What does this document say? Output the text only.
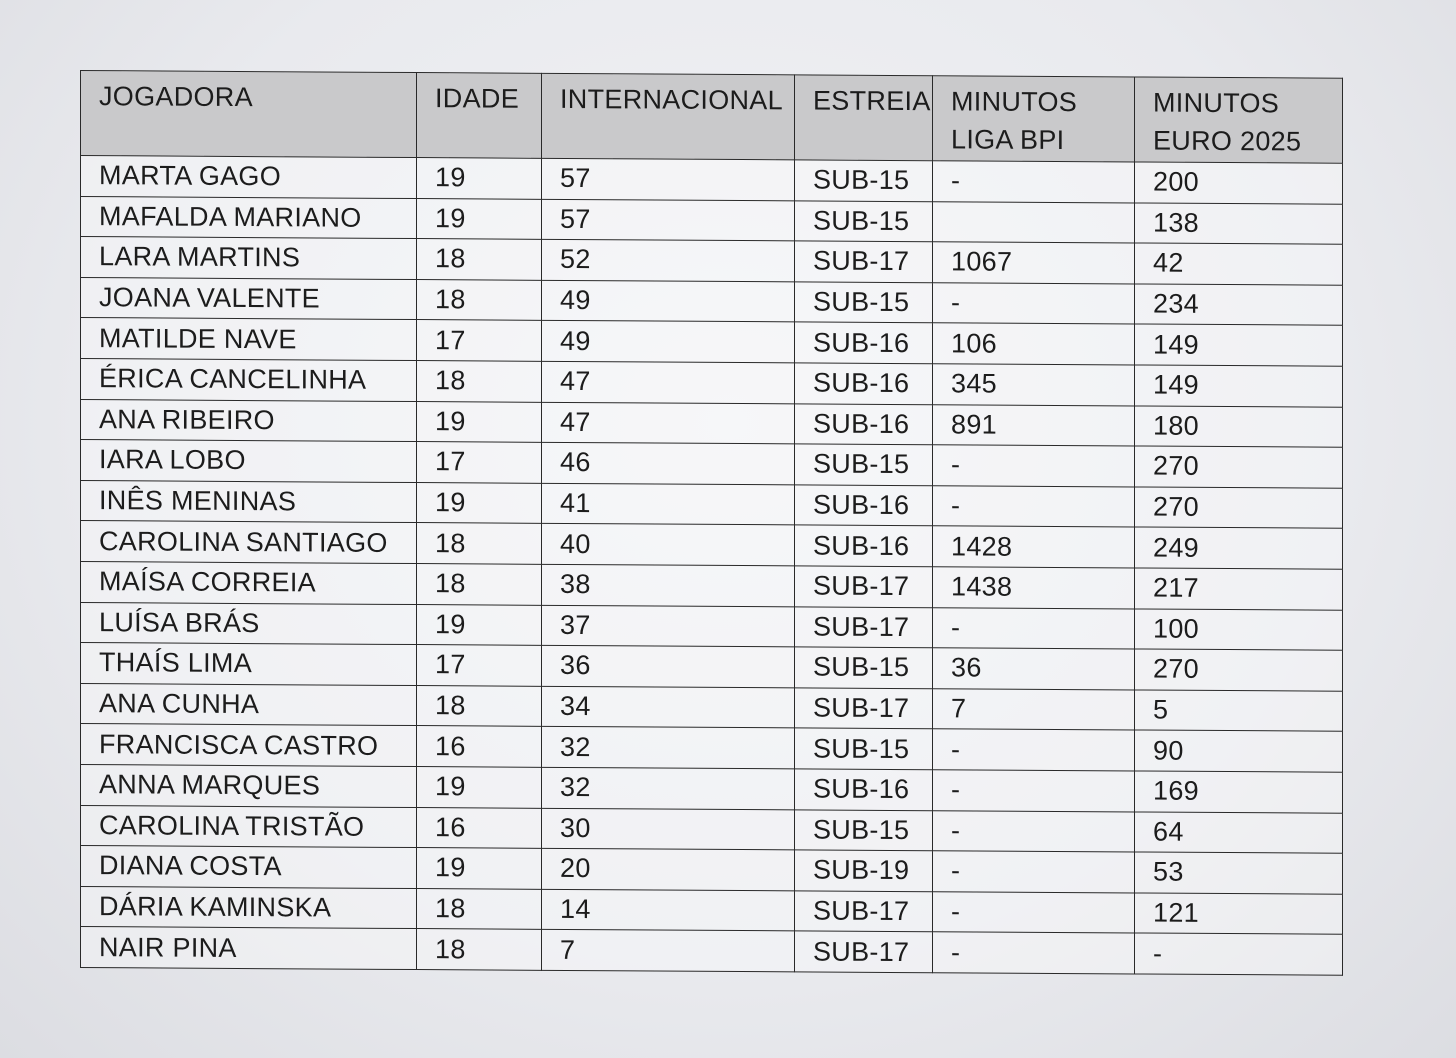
JOGADORA	IDADE	INTERNACIONAL	ESTREIA	MINUTOS LIGA BPI	MINUTOS EURO 2025
MARTA GAGO	19	57	SUB-15	-	200
MAFALDA MARIANO	19	57	SUB-15		138
LARA MARTINS	18	52	SUB-17	1067	42
JOANA VALENTE	18	49	SUB-15	-	234
MATILDE NAVE	17	49	SUB-16	106	149
ÉRICA CANCELINHA	18	47	SUB-16	345	149
ANA RIBEIRO	19	47	SUB-16	891	180
IARA LOBO	17	46	SUB-15	-	270
INÊS MENINAS	19	41	SUB-16	-	270
CAROLINA SANTIAGO	18	40	SUB-16	1428	249
MAÍSA CORREIA	18	38	SUB-17	1438	217
LUÍSA BRÁS	19	37	SUB-17	-	100
THAÍS LIMA	17	36	SUB-15	36	270
ANA CUNHA	18	34	SUB-17	7	5
FRANCISCA CASTRO	16	32	SUB-15	-	90
ANNA MARQUES	19	32	SUB-16	-	169
CAROLINA TRISTÃO	16	30	SUB-15	-	64
DIANA COSTA	19	20	SUB-19	-	53
DÁRIA KAMINSKA	18	14	SUB-17	-	121
NAIR PINA	18	7	SUB-17	-	-
